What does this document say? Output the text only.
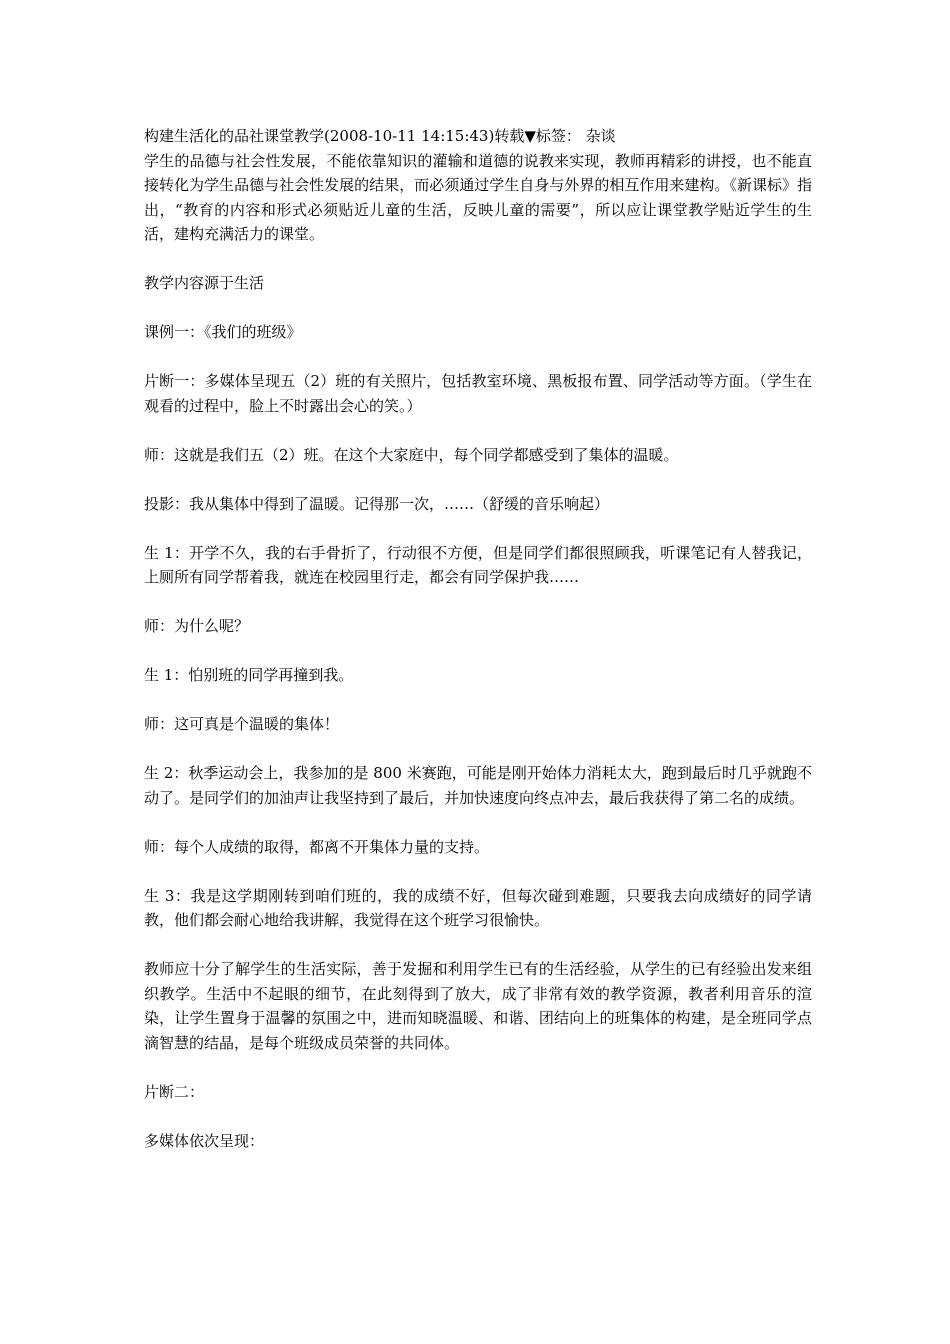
构建生活化的品社课堂教学(2008-10-11 14:15:43)转载▼标签： 杂谈

学生的品德与社会性发展，不能依靠知识的灌输和道德的说教来实现，教师再精彩的讲授，也不能直接转化为学生品德与社会性发展的结果，而必须通过学生自身与外界的相互作用来建构。《新课标》指出，“教育的内容和形式必须贴近儿童的生活，反映儿童的需要”，所以应让课堂教学贴近学生的生活，建构充满活力的课堂。

教学内容源于生活

课例一：《我们的班级》

片断一：多媒体呈现五（2）班的有关照片，包括教室环境、黑板报布置、同学活动等方面。（学生在观看的过程中，脸上不时露出会心的笑。）

师：这就是我们五（2）班。在这个大家庭中，每个同学都感受到了集体的温暖。

投影：我从集体中得到了温暖。记得那一次，……（舒缓的音乐响起）

生 1：开学不久，我的右手骨折了，行动很不方便，但是同学们都很照顾我，听课笔记有人替我记，上厕所有同学帮着我，就连在校园里行走，都会有同学保护我……

师：为什么呢？

生 1：怕别班的同学再撞到我。

师：这可真是个温暖的集体！

生 2：秋季运动会上，我参加的是 800 米赛跑，可能是刚开始体力消耗太大，跑到最后时几乎就跑不动了。是同学们的加油声让我坚持到了最后，并加快速度向终点冲去，最后我获得了第二名的成绩。

师：每个人成绩的取得，都离不开集体力量的支持。

生 3：我是这学期刚转到咱们班的，我的成绩不好，但每次碰到难题，只要我去向成绩好的同学请教，他们都会耐心地给我讲解，我觉得在这个班学习很愉快。

教师应十分了解学生的生活实际，善于发掘和利用学生已有的生活经验，从学生的已有经验出发来组织教学。生活中不起眼的细节，在此刻得到了放大，成了非常有效的教学资源，教者利用音乐的渲染，让学生置身于温馨的氛围之中，进而知晓温暖、和谐、团结向上的班集体的构建，是全班同学点滴智慧的结晶，是每个班级成员荣誉的共同体。

片断二：

多媒体依次呈现：
